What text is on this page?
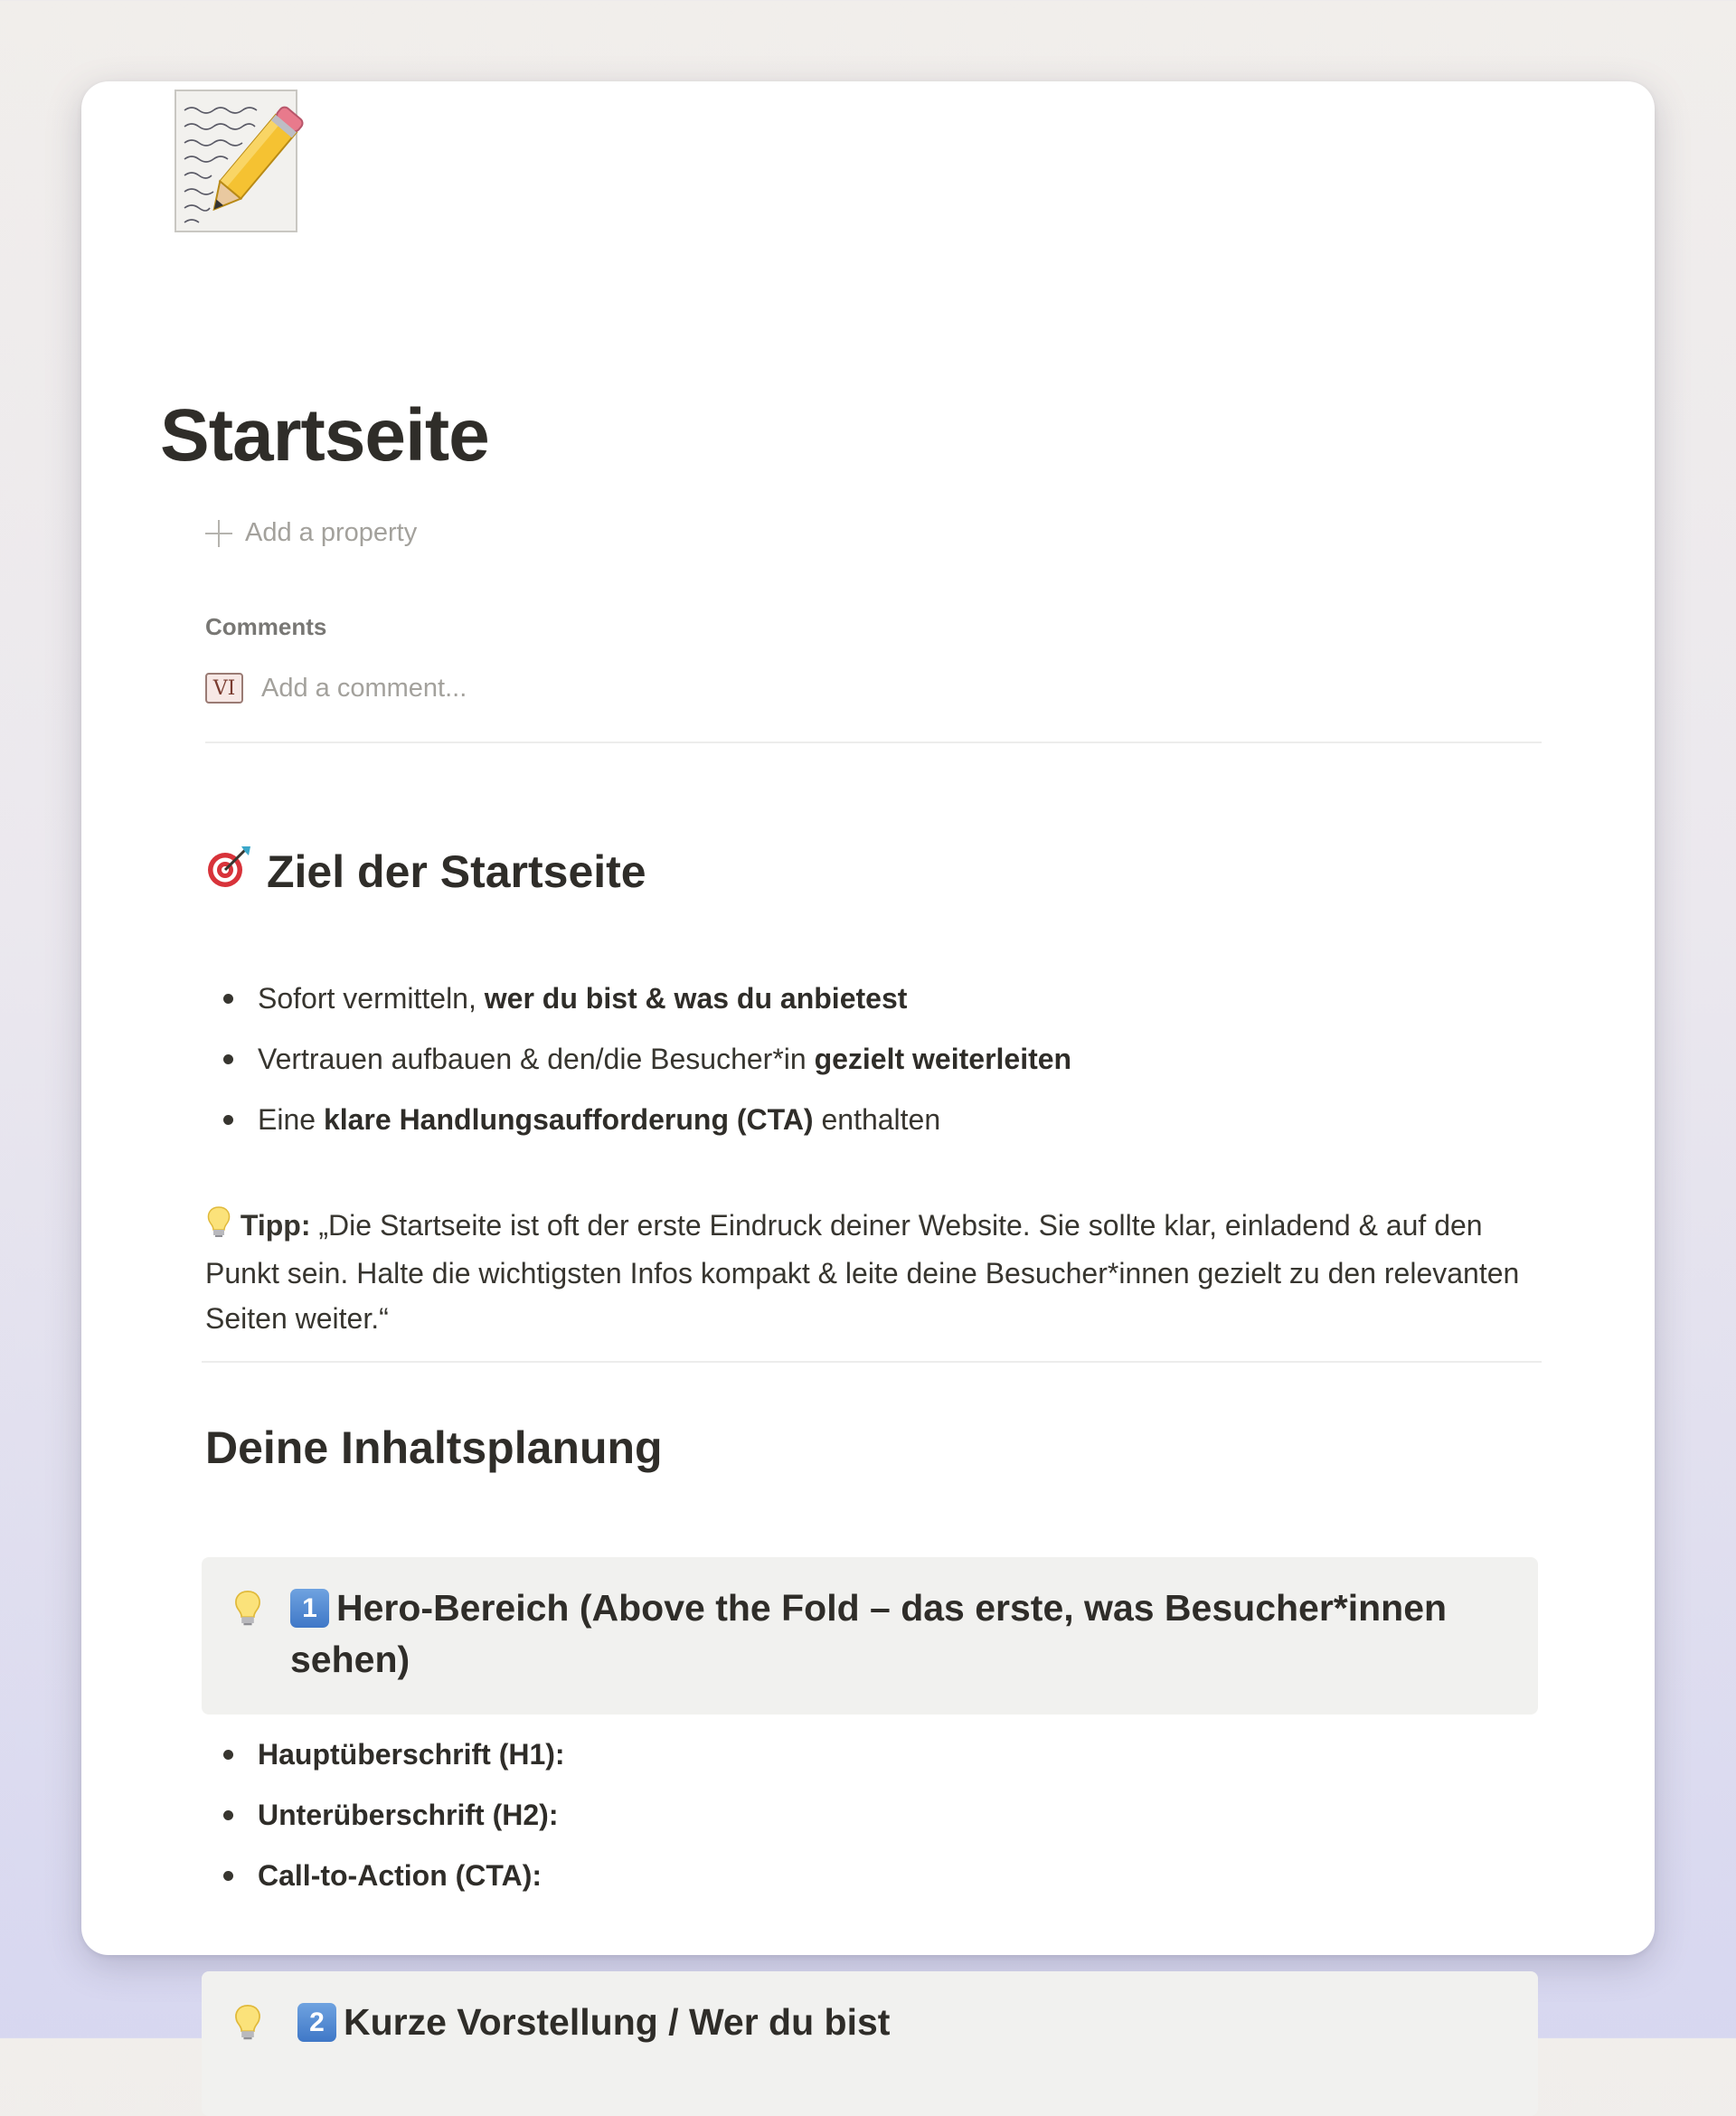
Startseite
Add a property
Comments
VI
Add a comment...
Ziel der Startseite
Sofort vermitteln, wer du bist & was du anbietest
Vertrauen aufbauen & den/die Besucher*in gezielt weiterleiten
Eine klare Handlungsaufforderung (CTA) enthalten

Tipp: „Die Startseite ist oft der erste Eindruck deiner Website. Sie sollte klar, einladend & auf den Punkt sein. Halte die wichtigsten Infos kompakt & leite deine Besucher*innen gezielt zu den relevanten Seiten weiter.“

Deine Inhaltsplanung
1 Hero-Bereich (Above the Fold – das erste, was Besucher*innen sehen)
Hauptüberschrift (H1):
Unterüberschrift (H2):
Call-to-Action (CTA):
2 Kurze Vorstellung / Wer du bist
